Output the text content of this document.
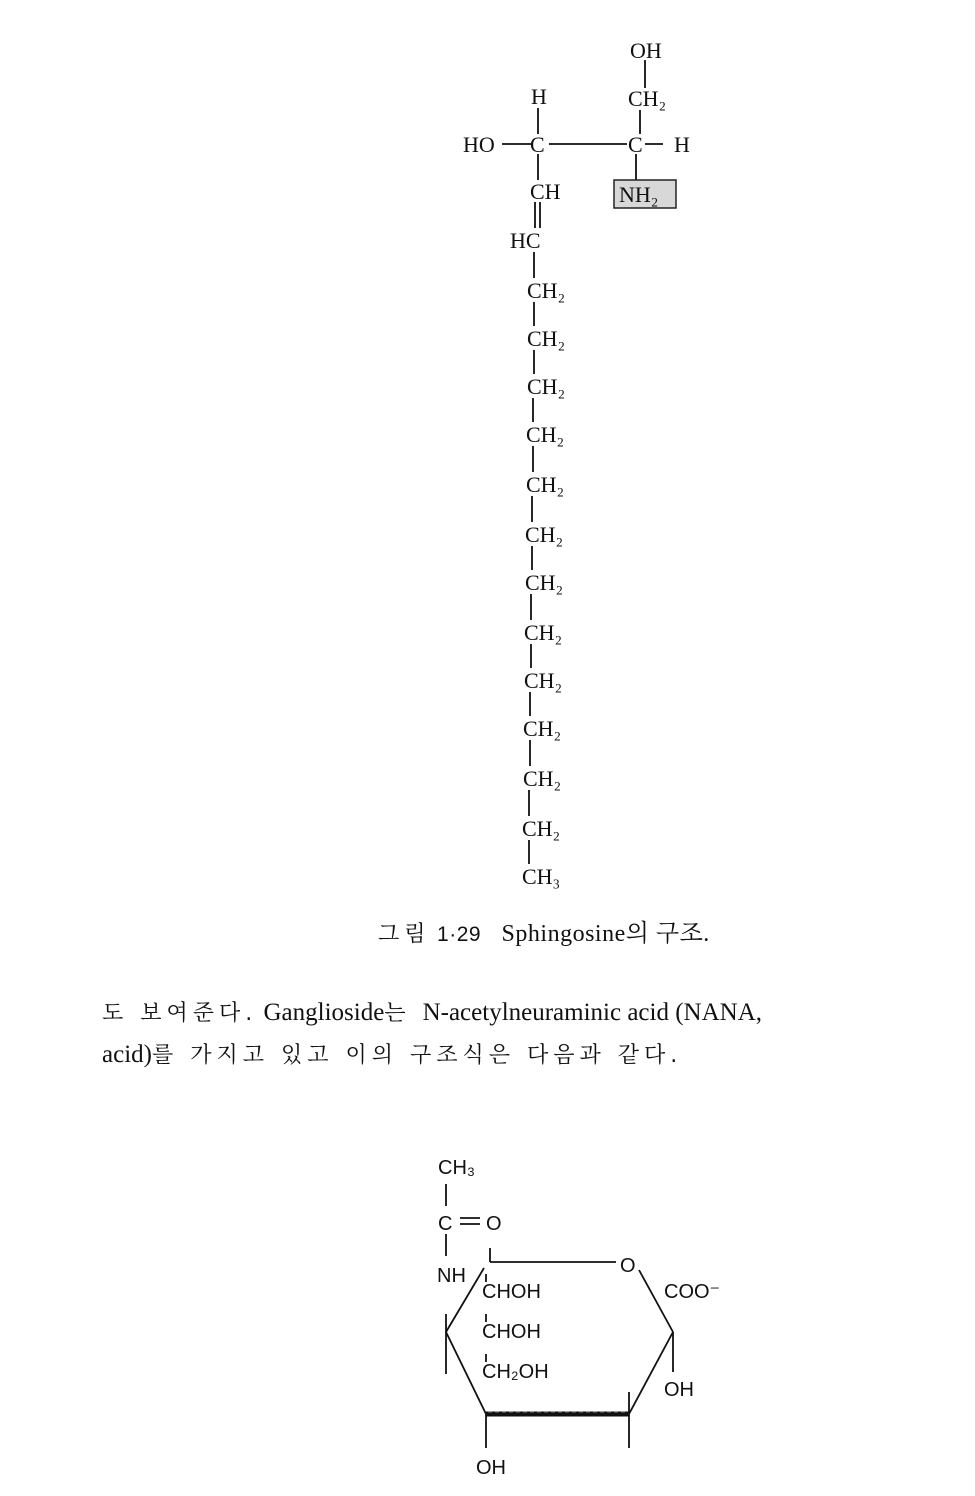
OH
CH₂
H
HO C	C H
CH	NH₂
HC
CH₂
CH₂
CH₂
CH₂
CH₂
CH₂
CH₂
CH₂
CH₂
CH₂
CH₂
CH₂
CH₃
그림 1·29 Sphingosine의 구조.
도 보여준다. Ganglioside는 N-acetylneuraminic acid (NANA,
acid)를 가지고 있고 이의 구조식은 다음과 같다.
CH₃
C O
NH	O
CHOH
CHOH
CH₂OH
COO⁻
OH
OH
